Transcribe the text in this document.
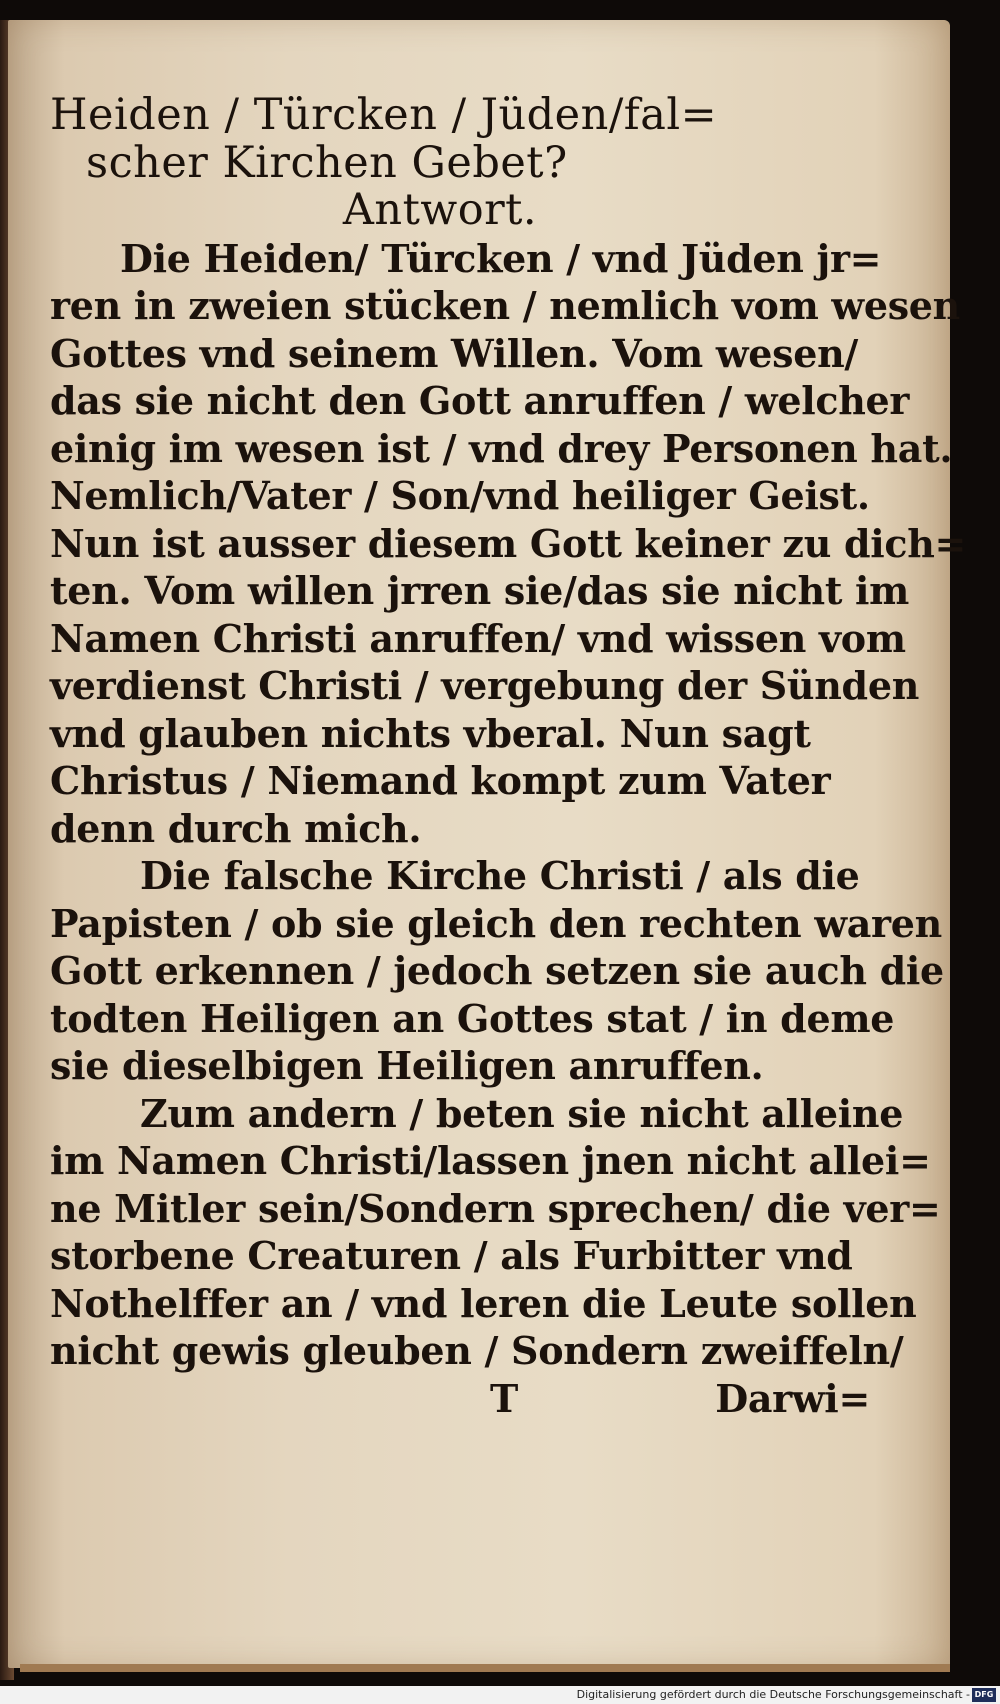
Heiden / Türcken / Jüden/fal=
scher Kirchen Gebet?
Antwort.
Die Heiden/ Türcken / vnd Jüden jr=
ren in zweien stücken / nemlich vom wesen
Gottes vnd seinem Willen. Vom wesen/
das sie nicht den Gott anruffen / welcher
einig im wesen ist / vnd drey Personen hat.
Nemlich/Vater / Son/vnd heiliger Geist.
Nun ist ausser diesem Gott keiner zu dich=
ten. Vom willen jrren sie/das sie nicht im
Namen Christi anruffen/ vnd wissen vom
verdienst Christi / vergebung der Sünden
vnd glauben nichts vberal. Nun sagt
Christus / Niemand kompt zum Vater
denn durch mich.
Die falsche Kirche Christi / als die
Papisten / ob sie gleich den rechten waren
Gott erkennen / jedoch setzen sie auch die
todten Heiligen an Gottes stat / in deme
sie dieselbigen Heiligen anruffen.
Zum andern / beten sie nicht alleine
im Namen Christi/lassen jnen nicht allei=
ne Mitler sein/Sondern sprechen/ die ver=
storbene Creaturen / als Furbitter vnd
Nothelffer an / vnd leren die Leute sollen
nicht gewis gleuben / Sondern zweiffeln/
T	Darwi=
Digitalisierung gefördert durch die Deutsche Forschungsgemeinschaft - DFG
